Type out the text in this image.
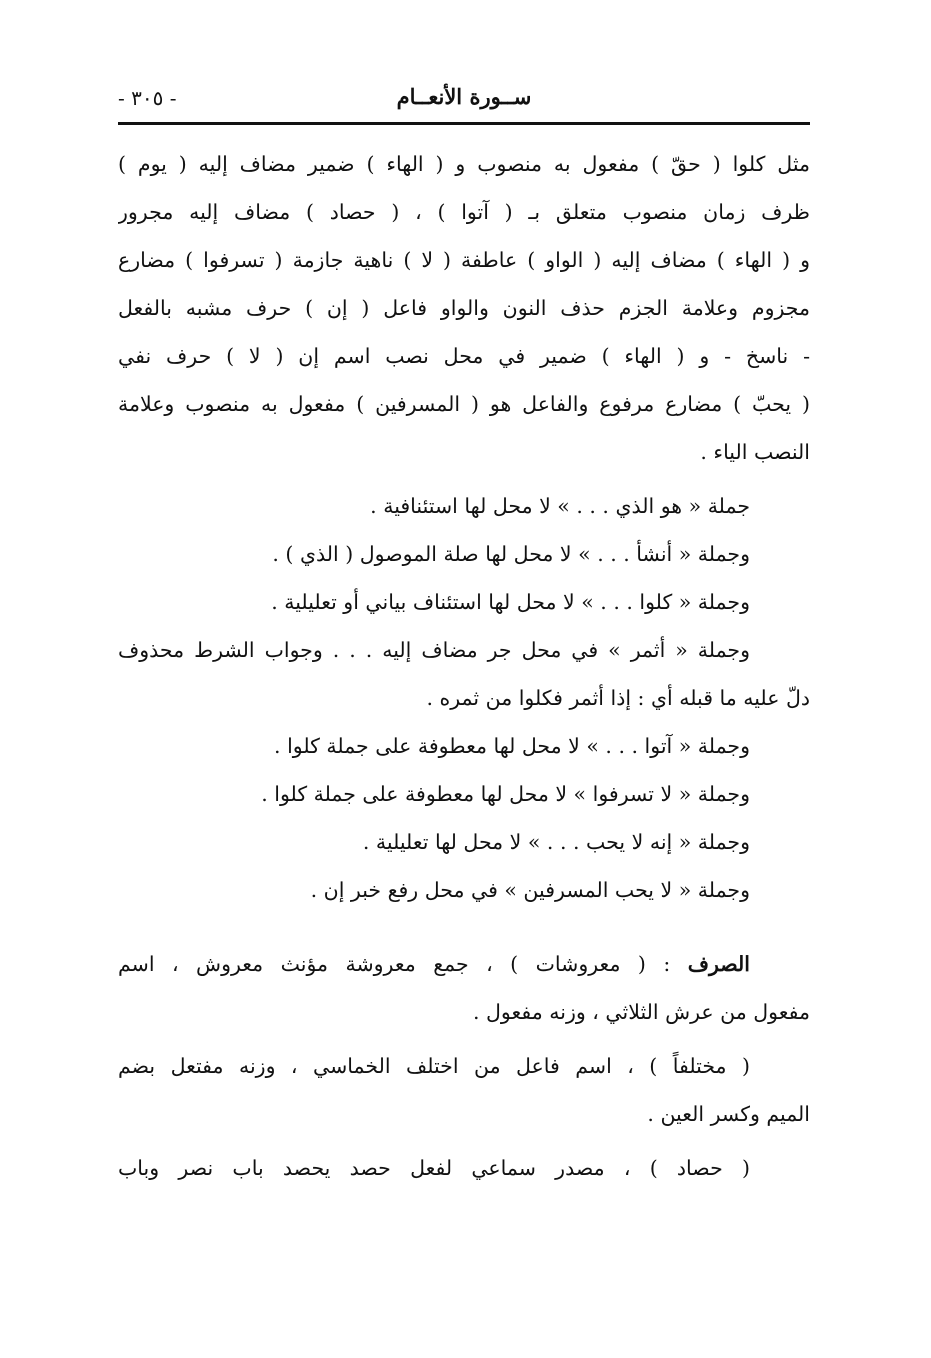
ســورة الأنعــام
- ٣٠٥ -
مثل كلوا ( حقّ ) مفعول به منصوب و ( الهاء ) ضمير مضاف إليه ( يوم )
ظرف زمان منصوب متعلق بـ ( آتوا ) ، ( حصاد ) مضاف إليه مجرور
و ( الهاء ) مضاف إليه ( الواو ) عاطفة ( لا ) ناهية جازمة ( تسرفوا ) مضارع
مجزوم وعلامة الجزم حذف النون والواو فاعل ( إن ) حرف مشبه بالفعل
- ناسخ - و ( الهاء ) ضمير في محل نصب اسم إن ( لا ) حرف نفي
( يحبّ ) مضارع مرفوع والفاعل هو ( المسرفين ) مفعول به منصوب وعلامة
النصب الياء .
جملة « هو الذي . . . » لا محل لها استئنافية .
وجملة « أنشأ . . . » لا محل لها صلة الموصول ( الذي ) .
وجملة « كلوا . . . » لا محل لها استئناف بياني أو تعليلية .
وجملة « أثمر » في محل جر مضاف إليه . . . وجواب الشرط محذوف
دلّ عليه ما قبله أي : إذا أثمر فكلوا من ثمره .
وجملة « آتوا . . . » لا محل لها معطوفة على جملة كلوا .
وجملة « لا تسرفوا » لا محل لها معطوفة على جملة كلوا .
وجملة « إنه لا يحب . . . » لا محل لها تعليلية .
وجملة « لا يحب المسرفين » في محل رفع خبر إن .
الصرف : ( معروشات ) ، جمع معروشة مؤنث معروش ، اسم
مفعول من عرش الثلاثي ، وزنه مفعول .
( مختلفاً ) ، اسم فاعل من اختلف الخماسي ، وزنه مفتعل بضم
الميم وكسر العين .
( حصاد ) ، مصدر سماعي لفعل حصد يحصد باب نصر وباب
